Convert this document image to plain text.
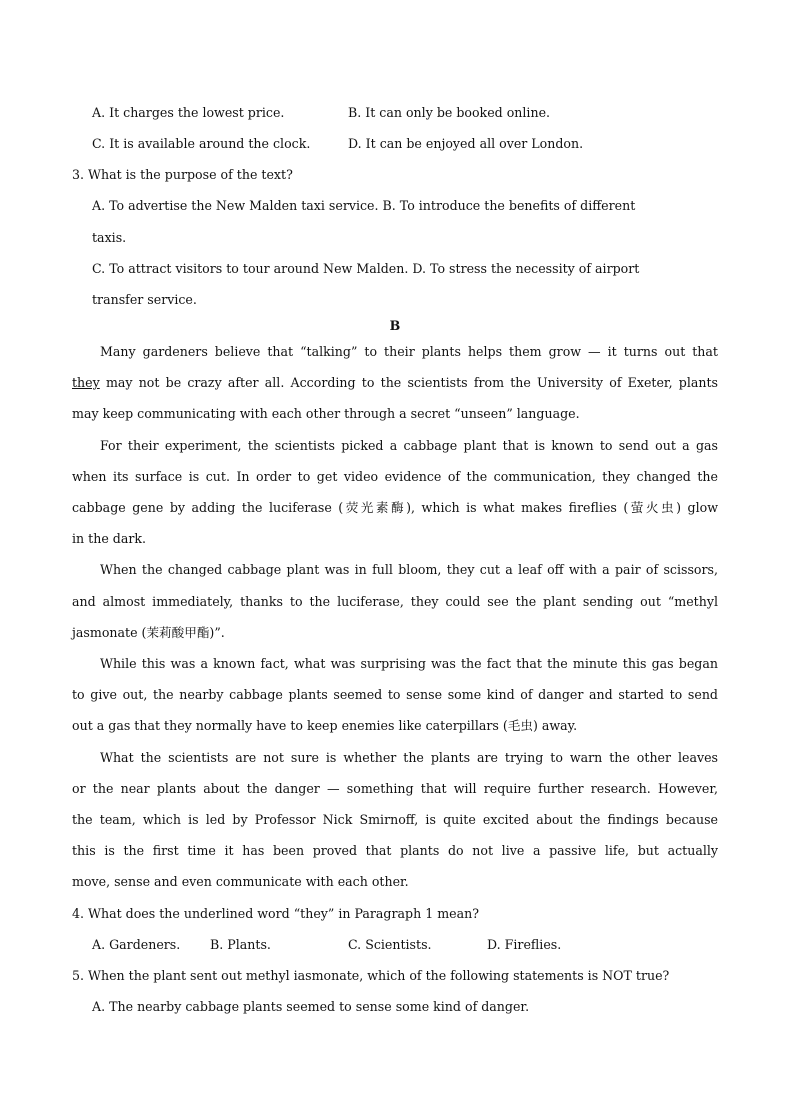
A. It charges the lowest price.	B. It can only be booked online.
C. It is available around the clock.	D. It can be enjoyed all over London.
3. What is the purpose of the text?
A. To advertise the New Malden taxi service. B. To introduce the benefits of different
taxis.
C. To attract visitors to tour around New Malden. D. To stress the necessity of airport
transfer service.
B
Many gardeners believe that “talking” to their plants helps them grow — it turns out that
they may not be crazy after all. According to the scientists from the University of Exeter, plants
may keep communicating with each other through a secret “unseen” language.
For their experiment, the scientists picked a cabbage plant that is known to send out a gas
when its surface is cut. In order to get video evidence of the communication, they changed the
cabbage gene by adding the luciferase (荧光素酶), which is what makes fireflies (萤火虫) glow
in the dark.
When the changed cabbage plant was in full bloom, they cut a leaf off with a pair of scissors,
and almost immediately, thanks to the luciferase, they could see the plant sending out “methyl
jasmonate (茉莉酸甲酯)”.
While this was a known fact, what was surprising was the fact that the minute this gas began
to give out, the nearby cabbage plants seemed to sense some kind of danger and started to send
out a gas that they normally have to keep enemies like caterpillars (毛虫) away.
What the scientists are not sure is whether the plants are trying to warn the other leaves
or the near plants about the danger — something that will require further research. However,
the team, which is led by Professor Nick Smirnoff, is quite excited about the findings because
this is the first time it has been proved that plants do not live a passive life, but actually
move, sense and even communicate with each other.
4. What does the underlined word “they” in Paragraph 1 mean?
A. Gardeners. B. Plants.	C. Scientists.	D. Fireflies.
5. When the plant sent out methyl iasmonate, which of the following statements is NOT true?
A. The nearby cabbage plants seemed to sense some kind of danger.
